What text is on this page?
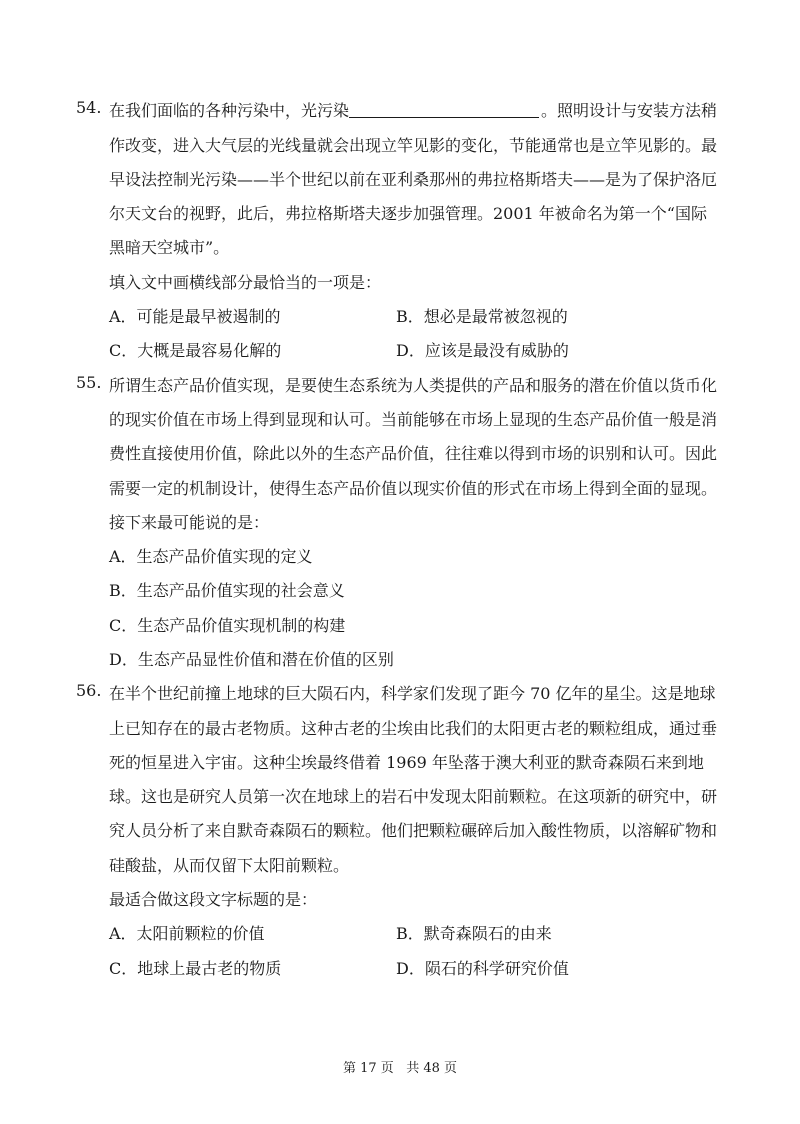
54. 在我们面临的各种污染中，光污染	。照明设计与安装方法稍
作改变，进入大气层的光线量就会出现立竿见影的变化，节能通常也是立竿见影的。最
早设法控制光污染——半个世纪以前在亚利桑那州的弗拉格斯塔夫——是为了保护洛厄
尔天文台的视野，此后，弗拉格斯塔夫逐步加强管理。2001 年被命名为第一个“国际
黑暗天空城市”。
填入文中画横线部分最恰当的一项是：
A．可能是最早被遏制的	B．想必是最常被忽视的
C．大概是最容易化解的	D．应该是最没有威胁的
55. 所谓生态产品价值实现，是要使生态系统为人类提供的产品和服务的潜在价值以货币化
的现实价值在市场上得到显现和认可。当前能够在市场上显现的生态产品价值一般是消
费性直接使用价值，除此以外的生态产品价值，往往难以得到市场的识别和认可。因此
需要一定的机制设计，使得生态产品价值以现实价值的形式在市场上得到全面的显现。
接下来最可能说的是：
A．生态产品价值实现的定义
B．生态产品价值实现的社会意义
C．生态产品价值实现机制的构建
D．生态产品显性价值和潜在价值的区别
56. 在半个世纪前撞上地球的巨大陨石内，科学家们发现了距今 70 亿年的星尘。这是地球
上已知存在的最古老物质。这种古老的尘埃由比我们的太阳更古老的颗粒组成，通过垂
死的恒星进入宇宙。这种尘埃最终借着 1969 年坠落于澳大利亚的默奇森陨石来到地
球。这也是研究人员第一次在地球上的岩石中发现太阳前颗粒。在这项新的研究中，研
究人员分析了来自默奇森陨石的颗粒。他们把颗粒碾碎后加入酸性物质，以溶解矿物和
硅酸盐，从而仅留下太阳前颗粒。
最适合做这段文字标题的是：
A．太阳前颗粒的价值	B．默奇森陨石的由来
C．地球上最古老的物质	D．陨石的科学研究价值
第 17 页   共 48 页
